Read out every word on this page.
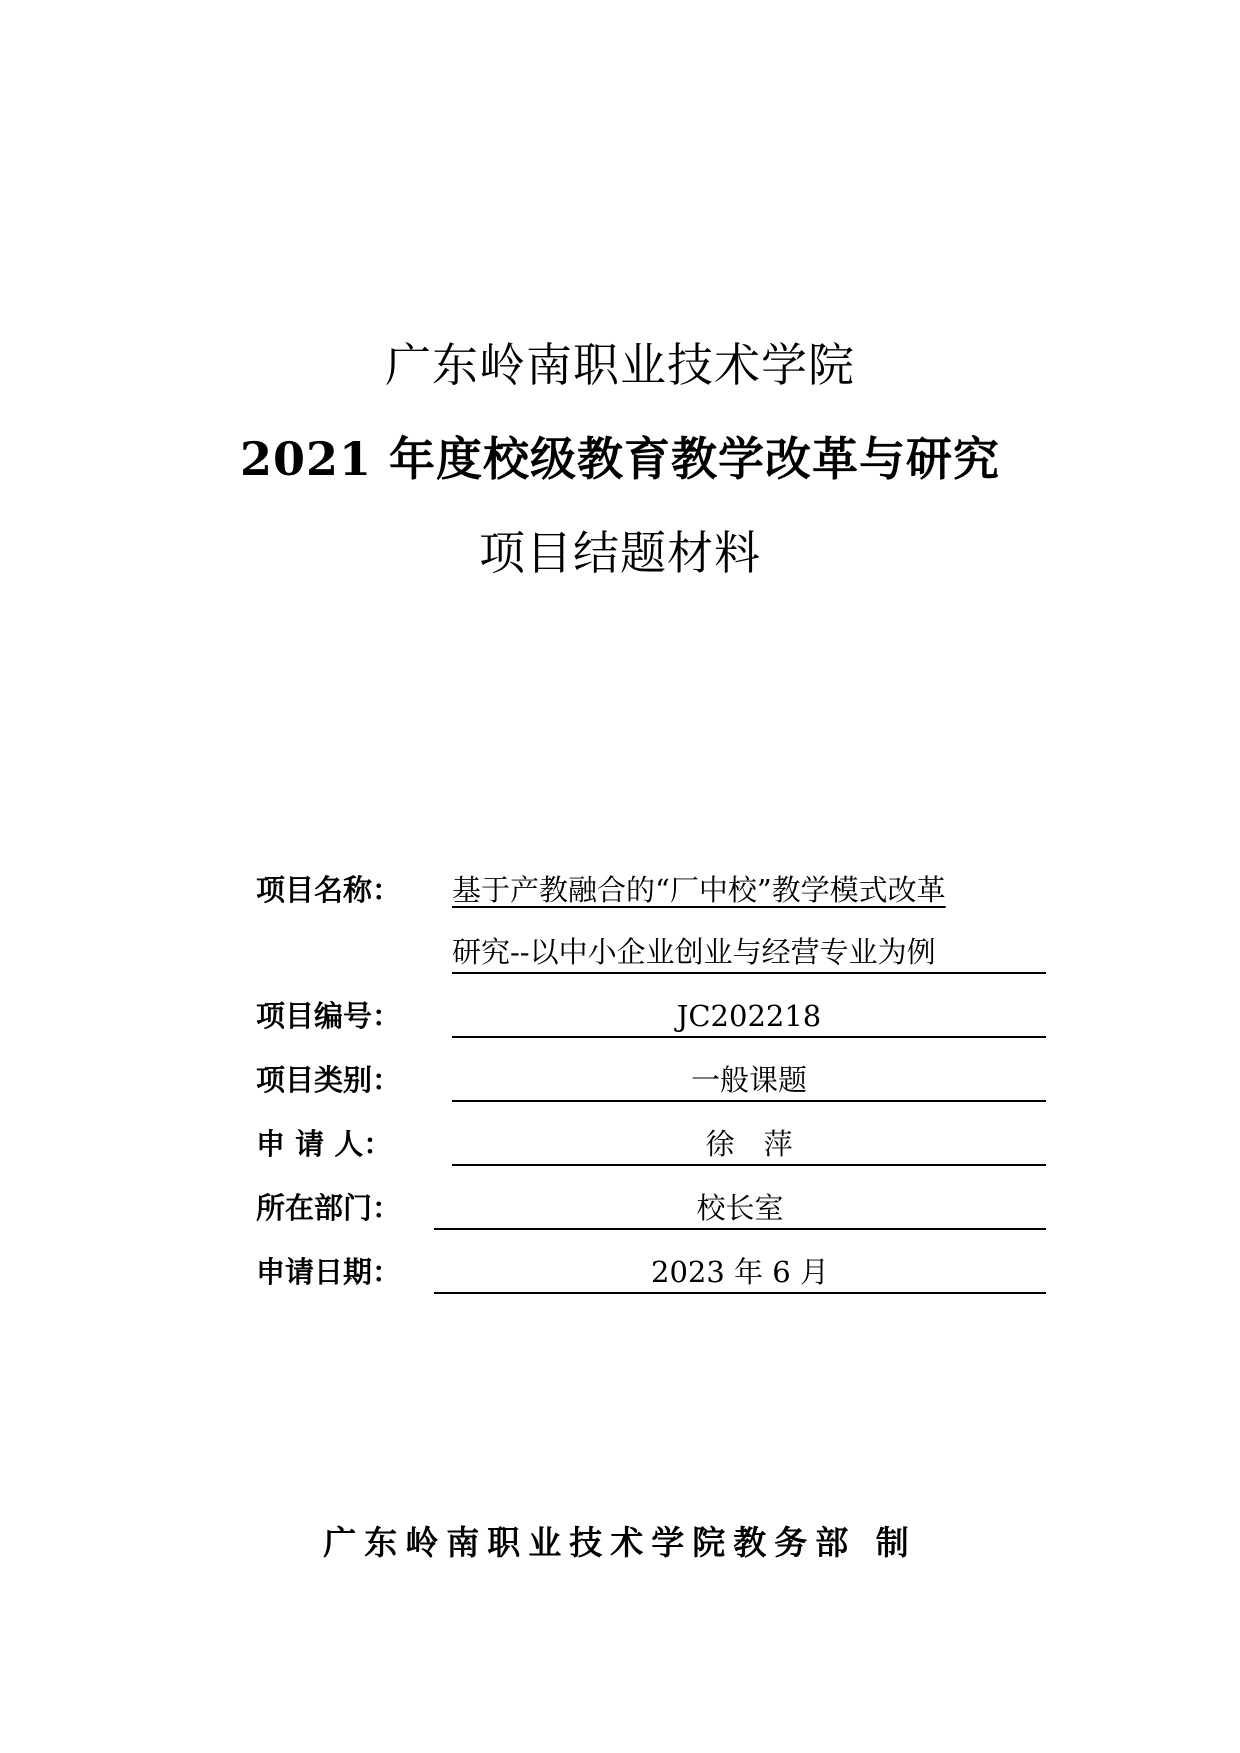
广东岭南职业技术学院
2021 年度校级教育教学改革与研究
项目结题材料
项目名称： 基于产教融合的“厂中校”教学模式改革
研究--以中小企业创业与经营专业为例
项目编号：	JC202218
项目类别：	一般课题
申 请 人：	徐　萍
所在部门：	校长室
申请日期：	2023 年 6 月
广东岭南职业技术学院教务部 制
